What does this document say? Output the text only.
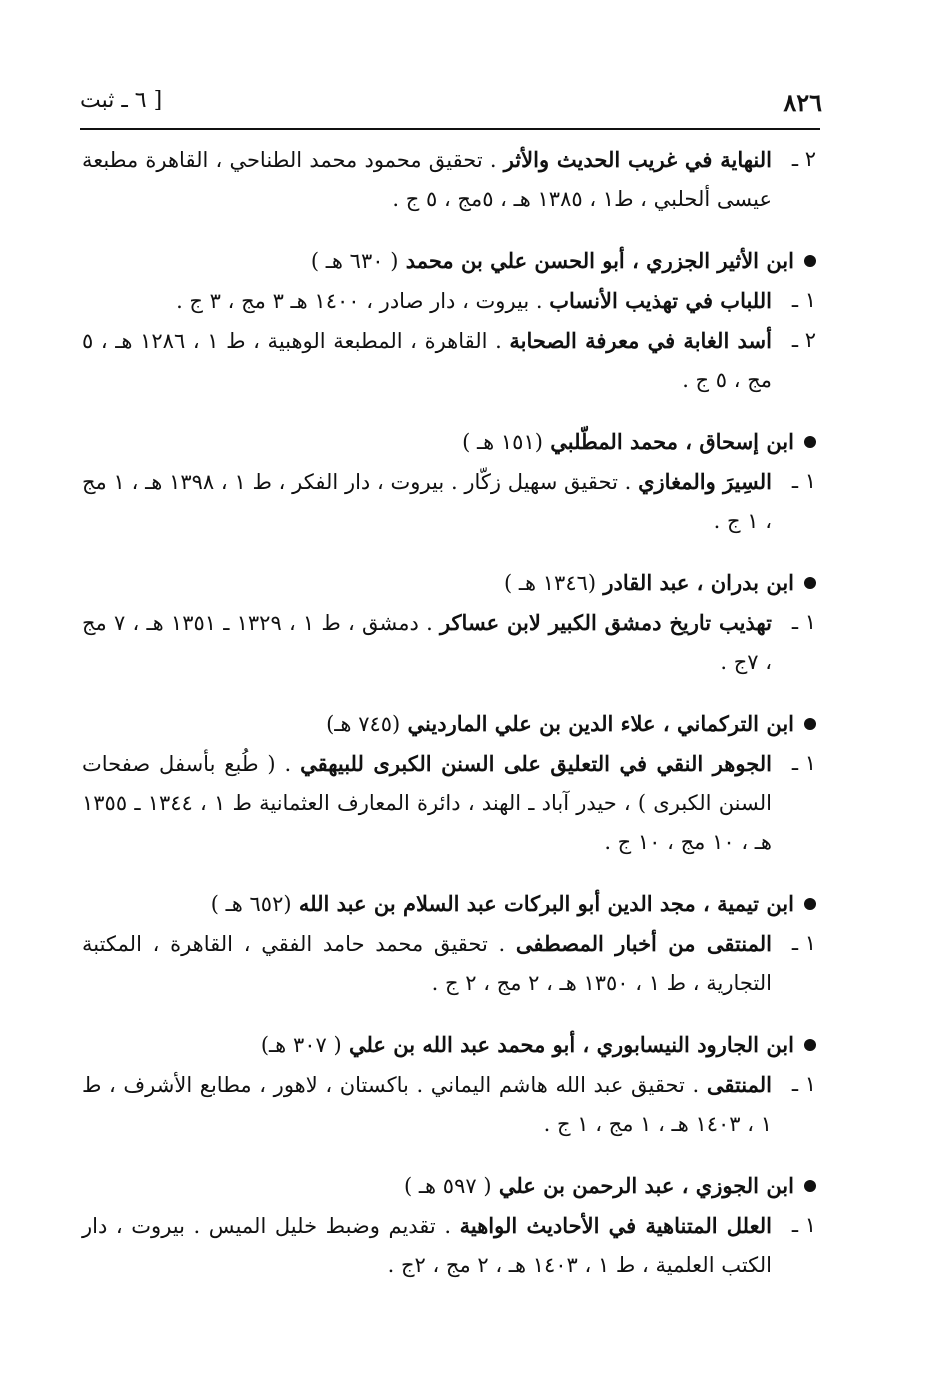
٨٢٦
[ ٦ ـ ثبت

٢ ـ
النهاية في غريب الحديث والأثر . تحقيق محمود محمد الطناحي ، القاهرة مطبعة عيسى ألحلبي ، ط١ ، ١٣٨٥ هـ ، ٥مج ، ٥ ج .

ابن الأثير الجزري ، أبو الحسن علي بن محمد ( ٦٣٠ هـ )

١ ـ
اللباب في تهذيب الأنساب . بيروت ، دار صادر ، ١٤٠٠ هـ ٣ مج ، ٣ ج .

٢ ـ
أسد الغابة في معرفة الصحابة . القاهرة ، المطبعة الوهبية ، ط ١ ، ١٢٨٦ هـ ، ٥ مج ، ٥ ج .

ابن إسحاق ، محمد المطّلبي (١٥١ هـ )

١ ـ
السِيرَ والمغازي . تحقيق سهيل زكّار . بيروت ، دار الفكر ، ط ١ ، ١٣٩٨ هـ ، ١ مج ، ١ ج .

ابن بدران ، عبد القادر (١٣٤٦ هـ )

١ ـ
تهذيب تاريخ دمشق الكبير لابن عساكر . دمشق ، ط ١ ، ١٣٢٩ ـ ١٣٥١ هـ ، ٧ مج ، ٧ج .

ابن التركماني ، علاء الدين بن علي المارديني (٧٤٥ هـ)

١ ـ
الجوهر النقي في التعليق على السنن الكبرى للبيهقي . ( طُبع بأسفل صفحات السنن الكبرى ) ، حيدر آباد ـ الهند ، دائرة المعارف العثمانية ط ١ ، ١٣٤٤ ـ ١٣٥٥ هـ ، ١٠ مج ، ١٠ ج .

ابن تيمية ، مجد الدين أبو البركات عبد السلام بن عبد الله (٦٥٢ هـ )

١ ـ
المنتقى من أخبار المصطفى . تحقيق محمد حامد الفقي ، القاهرة ، المكتبة التجارية ، ط ١ ، ١٣٥٠ هـ ، ٢ مج ، ٢ ج .

ابن الجارود النيسابوري ، أبو محمد عبد الله بن علي ( ٣٠٧ هـ)

١ ـ
المنتقى . تحقيق عبد الله هاشم اليماني . باكستان ، لاهور ، مطابع الأشرف ، ط ١ ، ١٤٠٣ هـ ، ١ مج ، ١ ج .

ابن الجوزي ، عبد الرحمن بن علي ( ٥٩٧ هـ )

١ ـ
العلل المتناهية في الأحاديث الواهية . تقديم وضبط خليل الميس . بيروت ، دار الكتب العلمية ، ط ١ ، ١٤٠٣ هـ ، ٢ مج ، ٢ج .
